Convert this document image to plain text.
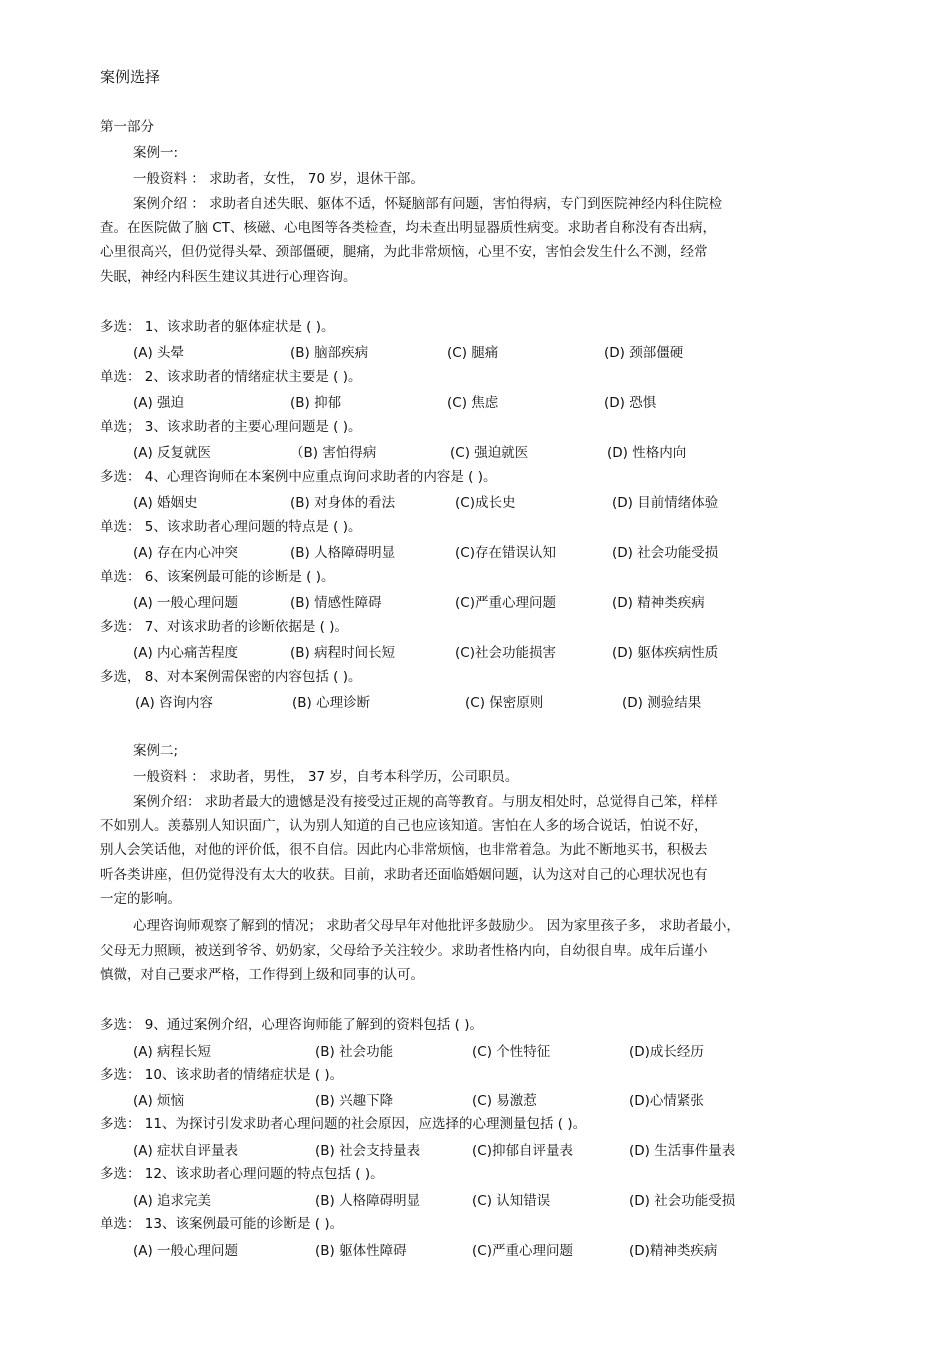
案例选择
第一部分
案例一:
一般资料 ： 求助者，女性， 70 岁，退休干部。
案例介绍 ： 求助者自述失眠、躯体不适，怀疑脑部有问题，害怕得病，专门到医院神经内科住院检
查。在医院做了脑 CT、核磁、心电图等各类检查，均未查出明显器质性病变。求助者自称没有杏出病，
心里很高兴，但仍觉得头晕、颈部僵硬，腿痛，为此非常烦恼，心里不安，害怕会发生什么不测，经常
失眠，神经内科医生建议其进行心理咨询。
多选： 1、该求助者的躯体症状是 ( )。
(A) 头晕	(B) 脑部疾病	(C) 腿痛	(D) 颈部僵硬
单选： 2、该求助者的情绪症状主要是 ( )。
(A) 强迫	(B) 抑郁	(C) 焦虑	(D) 恐惧
单选； 3、该求助者的主要心理问题是 ( )。
(A) 反复就医	（B) 害怕得病	(C) 强迫就医	(D) 性格内向
多选： 4、心理咨询师在本案例中应重点询问求助者的内容是 ( )。
(A) 婚姻史	(B) 对身体的看法	(C)成长史	(D) 目前情绪体验
单选： 5、该求助者心理问题的特点是 ( )。
(A) 存在内心冲突	(B) 人格障碍明显	(C)存在错误认知	(D) 社会功能受损
单选： 6、该案例最可能的诊断是 ( )。
(A) 一般心理问题	(B) 情感性障碍	(C)严重心理问题	(D) 精神类疾病
多选： 7、对该求助者的诊断依据是 ( )。
(A) 内心痛苦程度	(B) 病程时间长短	(C)社会功能损害	(D) 躯体疾病性质
多选， 8、对本案例需保密的内容包括 ( )。
(A) 咨询内容	(B) 心理诊断	(C) 保密原则	(D) 测验结果
案例二;
一般资料 ： 求助者，男性， 37 岁，自考本科学历，公司职员。
案例介绍： 求助者最大的遗憾是没有接受过正规的高等教育。与朋友相处时，总觉得自己笨，样样
不如别人。羡慕别人知识面广，认为别人知道的自己也应该知道。害怕在人多的场合说话，怕说不好，
别人会笑话他，对他的评价低，很不自信。因此内心非常烦恼，也非常着急。为此不断地买书，积极去
听各类讲座，但仍觉得没有太大的收获。目前，求助者还面临婚姻问题，认为这对自己的心理状况也有
一定的影响。
心理咨询师观察了解到的情况； 求助者父母早年对他批评多鼓励少。 因为家里孩子多， 求助者最小，
父母无力照顾，被送到爷爷、奶奶家，父母给予关注较少。求助者性格内向，自幼很自卑。成年后谨小
慎微，对自己要求严格，工作得到上级和同事的认可。
多选： 9、通过案例介绍，心理咨询师能了解到的资料包括 ( )。
(A) 病程长短	(B) 社会功能	(C) 个性特征	(D)成长经历
多选： 10、该求助者的情绪症状是 ( )。
(A) 烦恼	(B) 兴趣下降	(C) 易激惹	(D)心情紧张
多选： 11、为探讨引发求助者心理问题的社会原因，应选择的心理测量包括 ( )。
(A) 症状自评量表	(B) 社会支持量表	(C)抑郁自评量表	(D) 生活事件量表
多选： 12、该求助者心理问题的特点包括 ( )。
(A) 追求完美	(B) 人格障碍明显	(C) 认知错误	(D) 社会功能受损
单选： 13、该案例最可能的诊断是 ( )。
(A) 一般心理问题	(B) 躯体性障碍	(C)严重心理问题	(D)精神类疾病
